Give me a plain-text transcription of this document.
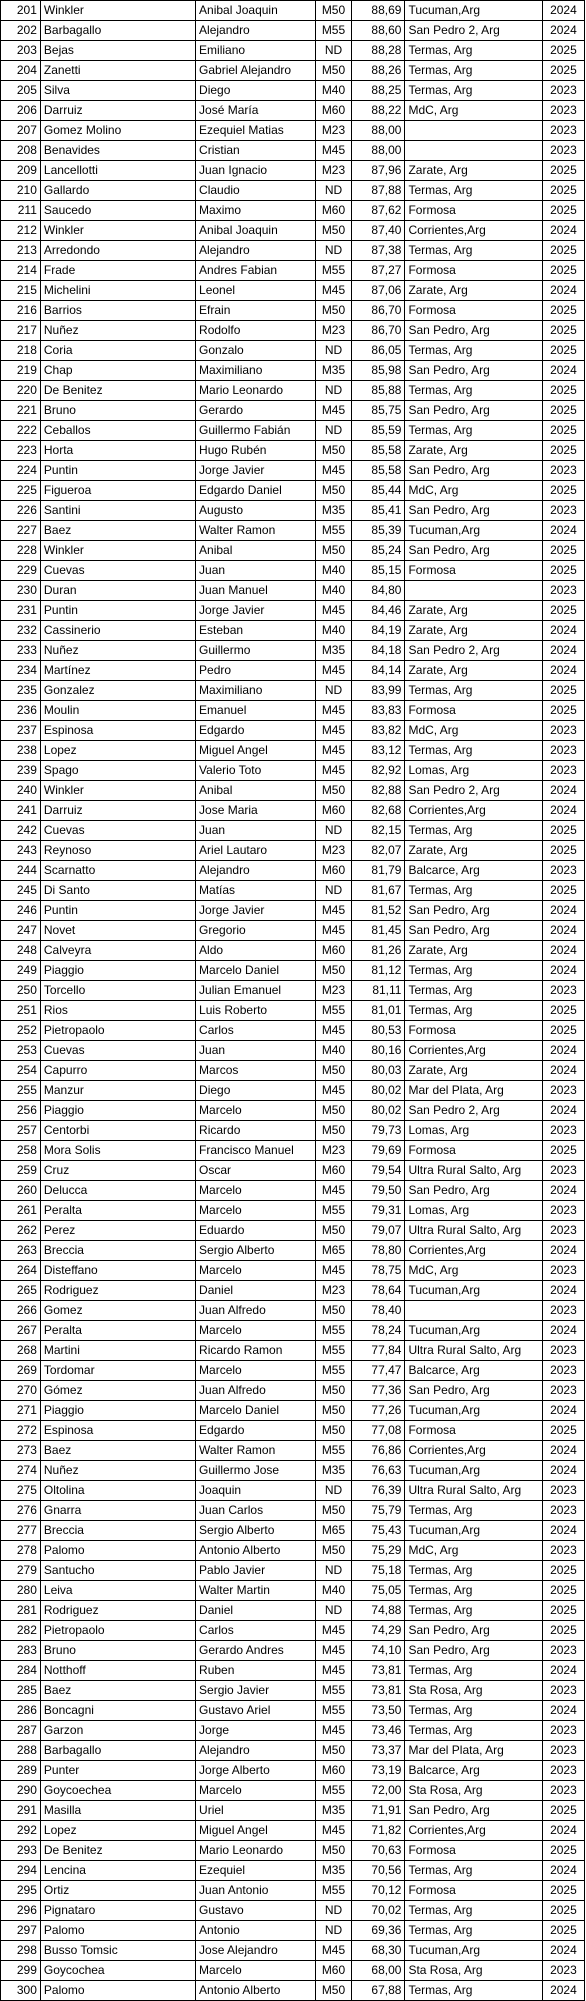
201	Winkler	Anibal Joaquin	M50	88,69	Tucuman,Arg	2024
202	Barbagallo	Alejandro	M55	88,60	San Pedro 2, Arg	2024
203	Bejas	Emiliano	ND	88,28	Termas, Arg	2025
204	Zanetti	Gabriel Alejandro	M50	88,26	Termas, Arg	2025
205	Silva	Diego	M40	88,25	Termas, Arg	2023
206	Darruiz	José María	M60	88,22	MdC, Arg	2023
207	Gomez Molino	Ezequiel Matias	M23	88,00		2023
208	Benavides	Cristian	M45	88,00		2023
209	Lancellotti	Juan Ignacio	M23	87,96	Zarate, Arg	2025
210	Gallardo	Claudio	ND	87,88	Termas, Arg	2025
211	Saucedo	Maximo	M60	87,62	Formosa	2025
212	Winkler	Anibal Joaquin	M50	87,40	Corrientes,Arg	2024
213	Arredondo	Alejandro	ND	87,38	Termas, Arg	2025
214	Frade	Andres Fabian	M55	87,27	Formosa	2025
215	Michelini	Leonel	M45	87,06	Zarate, Arg	2024
216	Barrios	Efrain	M50	86,70	Formosa	2025
217	Nuñez	Rodolfo	M23	86,70	San Pedro, Arg	2025
218	Coria	Gonzalo	ND	86,05	Termas, Arg	2025
219	Chap	Maximiliano	M35	85,98	San Pedro, Arg	2024
220	De Benitez	Mario Leonardo	ND	85,88	Termas, Arg	2025
221	Bruno	Gerardo	M45	85,75	San Pedro, Arg	2025
222	Ceballos	Guillermo Fabián	ND	85,59	Termas, Arg	2025
223	Horta	Hugo Rubén	M50	85,58	Zarate, Arg	2025
224	Puntin	Jorge Javier	M45	85,58	San Pedro, Arg	2023
225	Figueroa	Edgardo Daniel	M50	85,44	MdC, Arg	2025
226	Santini	Augusto	M35	85,41	San Pedro, Arg	2023
227	Baez	Walter Ramon	M55	85,39	Tucuman,Arg	2024
228	Winkler	Anibal	M50	85,24	San Pedro, Arg	2025
229	Cuevas	Juan	M40	85,15	Formosa	2025
230	Duran	Juan Manuel	M40	84,80		2023
231	Puntin	Jorge Javier	M45	84,46	Zarate, Arg	2025
232	Cassinerio	Esteban	M40	84,19	Zarate, Arg	2024
233	Nuñez	Guillermo	M35	84,18	San Pedro 2, Arg	2024
234	Martínez	Pedro	M45	84,14	Zarate, Arg	2024
235	Gonzalez	Maximiliano	ND	83,99	Termas, Arg	2025
236	Moulin	Emanuel	M45	83,83	Formosa	2025
237	Espinosa	Edgardo	M45	83,82	MdC, Arg	2023
238	Lopez	Miguel Angel	M45	83,12	Termas, Arg	2023
239	Spago	Valerio Toto	M45	82,92	Lomas, Arg	2023
240	Winkler	Anibal	M50	82,88	San Pedro 2, Arg	2024
241	Darruiz	Jose Maria	M60	82,68	Corrientes,Arg	2024
242	Cuevas	Juan	ND	82,15	Termas, Arg	2025
243	Reynoso	Ariel Lautaro	M23	82,07	Zarate, Arg	2025
244	Scarnatto	Alejandro	M60	81,79	Balcarce, Arg	2023
245	Di Santo	Matías	ND	81,67	Termas, Arg	2025
246	Puntin	Jorge Javier	M45	81,52	San Pedro, Arg	2024
247	Novet	Gregorio	M45	81,45	San Pedro, Arg	2024
248	Calveyra	Aldo	M60	81,26	Zarate, Arg	2024
249	Piaggio	Marcelo Daniel	M50	81,12	Termas, Arg	2024
250	Torcello	Julian Emanuel	M23	81,11	Termas, Arg	2023
251	Rios	Luis Roberto	M55	81,01	Termas, Arg	2025
252	Pietropaolo	Carlos	M45	80,53	Formosa	2025
253	Cuevas	Juan	M40	80,16	Corrientes,Arg	2024
254	Capurro	Marcos	M50	80,03	Zarate, Arg	2024
255	Manzur	Diego	M45	80,02	Mar del Plata, Arg	2023
256	Piaggio	Marcelo	M50	80,02	San Pedro 2, Arg	2024
257	Centorbi	Ricardo	M50	79,73	Lomas, Arg	2023
258	Mora Solis	Francisco Manuel	M23	79,69	Formosa	2025
259	Cruz	Oscar	M60	79,54	Ultra Rural Salto, Arg	2023
260	Delucca	Marcelo	M45	79,50	San Pedro, Arg	2024
261	Peralta	Marcelo	M55	79,31	Lomas, Arg	2023
262	Perez	Eduardo	M50	79,07	Ultra Rural Salto, Arg	2023
263	Breccia	Sergio Alberto	M65	78,80	Corrientes,Arg	2024
264	Disteffano	Marcelo	M45	78,75	MdC, Arg	2023
265	Rodriguez	Daniel	M23	78,64	Tucuman,Arg	2024
266	Gomez	Juan Alfredo	M50	78,40		2023
267	Peralta	Marcelo	M55	78,24	Tucuman,Arg	2024
268	Martini	Ricardo Ramon	M55	77,84	Ultra Rural Salto, Arg	2023
269	Tordomar	Marcelo	M55	77,47	Balcarce, Arg	2023
270	Gómez	Juan Alfredo	M50	77,36	San Pedro, Arg	2023
271	Piaggio	Marcelo Daniel	M50	77,26	Tucuman,Arg	2024
272	Espinosa	Edgardo	M50	77,08	Formosa	2025
273	Baez	Walter Ramon	M55	76,86	Corrientes,Arg	2024
274	Nuñez	Guillermo Jose	M35	76,63	Tucuman,Arg	2024
275	Oltolina	Joaquin	ND	76,39	Ultra Rural Salto, Arg	2023
276	Gnarra	Juan Carlos	M50	75,79	Termas, Arg	2023
277	Breccia	Sergio Alberto	M65	75,43	Tucuman,Arg	2024
278	Palomo	Antonio Alberto	M50	75,29	MdC, Arg	2023
279	Santucho	Pablo Javier	ND	75,18	Termas, Arg	2025
280	Leiva	Walter Martin	M40	75,05	Termas, Arg	2025
281	Rodriguez	Daniel	ND	74,88	Termas, Arg	2025
282	Pietropaolo	Carlos	M45	74,29	San Pedro, Arg	2025
283	Bruno	Gerardo Andres	M45	74,10	San Pedro, Arg	2023
284	Notthoff	Ruben	M45	73,81	Termas, Arg	2024
285	Baez	Sergio Javier	M55	73,81	Sta Rosa, Arg	2023
286	Boncagni	Gustavo Ariel	M55	73,50	Termas, Arg	2024
287	Garzon	Jorge	M45	73,46	Termas, Arg	2023
288	Barbagallo	Alejandro	M50	73,37	Mar del Plata, Arg	2023
289	Punter	Jorge Alberto	M60	73,19	Balcarce, Arg	2023
290	Goycoechea	Marcelo	M55	72,00	Sta Rosa, Arg	2023
291	Masilla	Uriel	M35	71,91	San Pedro, Arg	2025
292	Lopez	Miguel Angel	M45	71,82	Corrientes,Arg	2024
293	De Benitez	Mario Leonardo	M50	70,63	Formosa	2025
294	Lencina	Ezequiel	M35	70,56	Termas, Arg	2024
295	Ortiz	Juan Antonio	M55	70,12	Formosa	2025
296	Pignataro	Gustavo	ND	70,02	Termas, Arg	2025
297	Palomo	Antonio	ND	69,36	Termas, Arg	2025
298	Busso Tomsic	Jose Alejandro	M45	68,30	Tucuman,Arg	2024
299	Goycochea	Marcelo	M60	68,00	Sta Rosa, Arg	2023
300	Palomo	Antonio Alberto	M50	67,88	Termas, Arg	2024
